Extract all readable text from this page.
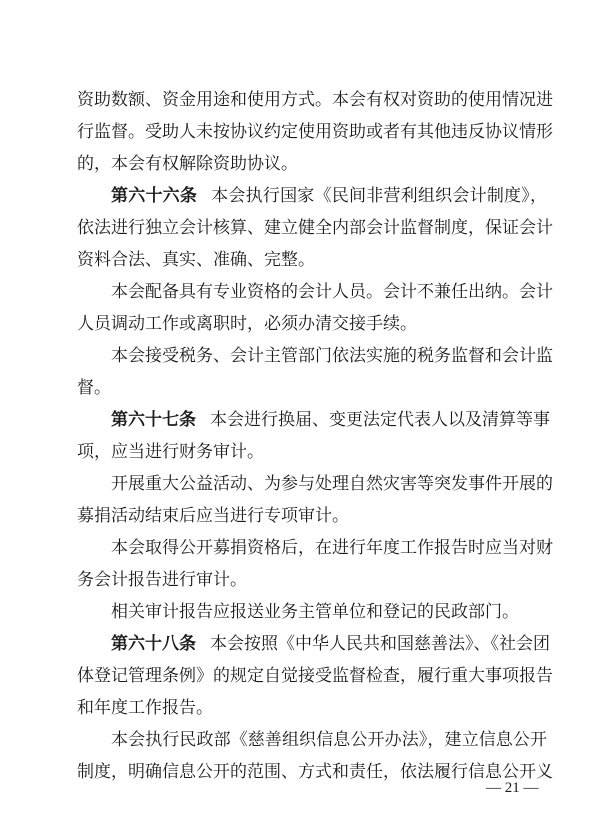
资助数额、资金用途和使用方式。本会有权对资助的使用情况进
行监督。受助人未按协议约定使用资助或者有其他违反协议情形
的，本会有权解除资助协议。
第六十六条 本会执行国家《民间非营利组织会计制度》，
依法进行独立会计核算、建立健全内部会计监督制度，保证会计
资料合法、真实、准确、完整。
本会配备具有专业资格的会计人员。会计不兼任出纳。会计
人员调动工作或离职时，必须办清交接手续。
本会接受税务、会计主管部门依法实施的税务监督和会计监
督。
第六十七条 本会进行换届、变更法定代表人以及清算等事
项，应当进行财务审计。
开展重大公益活动、为参与处理自然灾害等突发事件开展的
募捐活动结束后应当进行专项审计。
本会取得公开募捐资格后，在进行年度工作报告时应当对财
务会计报告进行审计。
相关审计报告应报送业务主管单位和登记的民政部门。
第六十八条 本会按照《中华人民共和国慈善法》、《社会团
体登记管理条例》的规定自觉接受监督检查，履行重大事项报告
和年度工作报告。
本会执行民政部《慈善组织信息公开办法》，建立信息公开
制度，明确信息公开的范围、方式和责任，依法履行信息公开义
— 21 —
